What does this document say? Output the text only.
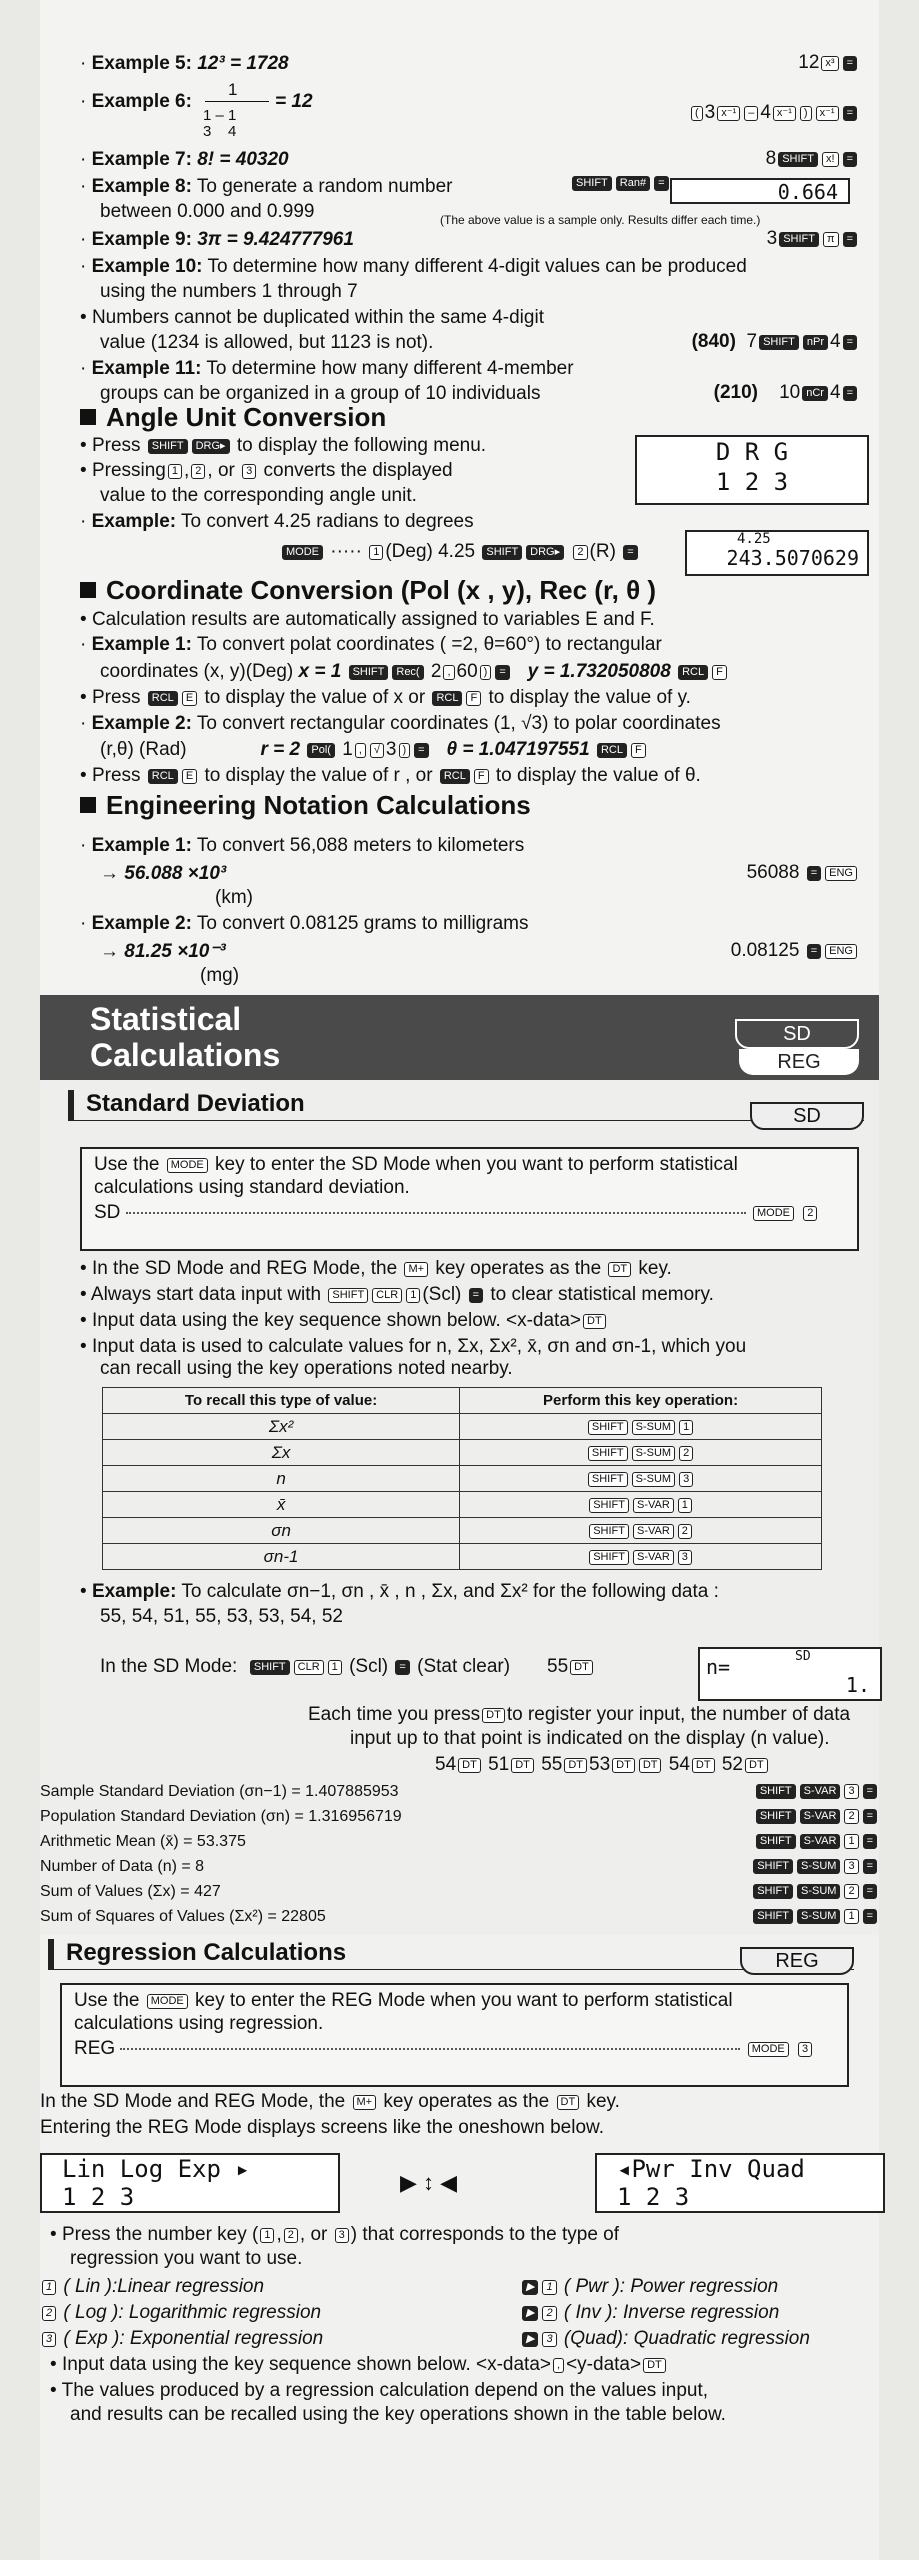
· Example 5: 12³ = 1728	12 x³ =
· Example 6:
1
1 – 1
3 4
= 12
( 3 x⁻¹ – 4 x⁻¹ ) x⁻¹ =
· Example 7: 8! = 40320	8 SHIFT x! =
· Example 8: To generate a random number
between 0.000 and 0.999
SHIFT Ran# =	0.664
(The above value is a sample only. Results differ each time.)
· Example 9: 3π = 9.424777961	3 SHIFT π =
· Example 10: To determine how many different 4-digit values can be produced
using the numbers 1 through 7
• Numbers cannot be duplicated within the same 4-digit
value (1234 is allowed, but 1123 is not).	(840) 7 SHIFT nPr 4 =
· Example 11: To determine how many different 4-member
groups can be organized in a group of 10 individuals	(210) 10 nCr 4 =
Angle Unit Conversion
• Press SHIFT DRG▸ to display the following menu.
• Pressing 1 , 2 , or 3 converts the displayed
value to the corresponding angle unit.
D R G
1 2 3
· Example: To convert 4.25 radians to degrees
MODE ····· 1 (Deg) 4.25 SHIFT DRG▸ 2 (R) =
4.25
243.5070629
Coordinate Conversion (Pol (x , y), Rec (r, θ )
• Calculation results are automatically assigned to variables E and F.
· Example 1: To convert polat coordinates ( =2, θ=60°) to rectangular
coordinates (x, y)(Deg) x = 1 SHIFT Rec( 2 , 60 ) = y = 1.732050808 RCL F
• Press RCL E to display the value of x or RCL F to display the value of y.
· Example 2: To convert rectangular coordinates (1, √3) to polar coordinates
(r,θ) (Rad)	r = 2 Pol( 1 , √ 3 ) = θ = 1.047197551 RCL F
• Press RCL E to display the value of r , or RCL F to display the value of θ.
Engineering Notation Calculations
· Example 1: To convert 56,088 meters to kilometers
→ 56.088 ×10³
(km)
56088 = ENG
· Example 2: To convert 0.08125 grams to milligrams
→ 81.25 ×10⁻³
(mg)
0.08125 = ENG
Statistical
Calculations
SD
REG
Standard Deviation	SD
Use the MODE key to enter the SD Mode when you want to perform statistical
calculations using standard deviation.
SD	MODE 2
• In the SD Mode and REG Mode, the M+ key operates as the DT key.
• Always start data input with SHIFT CLR 1 (Scl) = to clear statistical memory.
• Input data using the key sequence shown below. <x-data> DT
• Input data is used to calculate values for n, Σx, Σx², x̄, σn and σn-1, which you
can recall using the key operations noted nearby.
To recall this type of value:	Perform this key operation:
Σx²	SHIFT S-SUM 1
Σx	SHIFT S-SUM 2
n	SHIFT S-SUM 3
x̄	SHIFT S-VAR 1
σn	SHIFT S-VAR 2
σn-1	SHIFT S-VAR 3
• Example: To calculate σn−1, σn , x̄ , n , Σx, and Σx² for the following data :
55, 54, 51, 55, 53, 53, 54, 52
In the SD Mode: SHIFT CLR 1 (Scl) = (Stat clear) 55 DT	n=	SD
1.
Each time you press DT to register your input, the number of data
input up to that point is indicated on the display (n value).
54 DT 51 DT 55 DT 53 DT DT 54 DT 52 DT
Sample Standard Deviation (σn−1) = 1.407885953	SHIFT S-VAR 3 =
Population Standard Deviation (σn) = 1.316956719	SHIFT S-VAR 2 =
Arithmetic Mean (x̄) = 53.375	SHIFT S-VAR 1 =
Number of Data (n) = 8	SHIFT S-SUM 3 =
Sum of Values (Σx) = 427	SHIFT S-SUM 2 =
Sum of Squares of Values (Σx²) = 22805	SHIFT S-SUM 1 =
Regression Calculations	REG
Use the MODE key to enter the REG Mode when you want to perform statistical
calculations using regression.
REG	MODE 3
In the SD Mode and REG Mode, the M+ key operates as the DT key.
Entering the REG Mode displays screens like the oneshown below.
Lin Log Exp ▸
1 2 3
▶ ↕ ◀	◂Pwr Inv Quad
1 2 3
• Press the number key ( 1 , 2 , or 3 ) that corresponds to the type of
regression you want to use.
1 ( Lin ):Linear regression	▶ 1 ( Pwr ): Power regression
2 ( Log ): Logarithmic regression	▶ 2 ( Inv ): Inverse regression
3 ( Exp ): Exponential regression	▶ 3 (Quad): Quadratic regression
• Input data using the key sequence shown below. <x-data> , <y-data> DT
• The values produced by a regression calculation depend on the values input,
and results can be recalled using the key operations shown in the table below.
